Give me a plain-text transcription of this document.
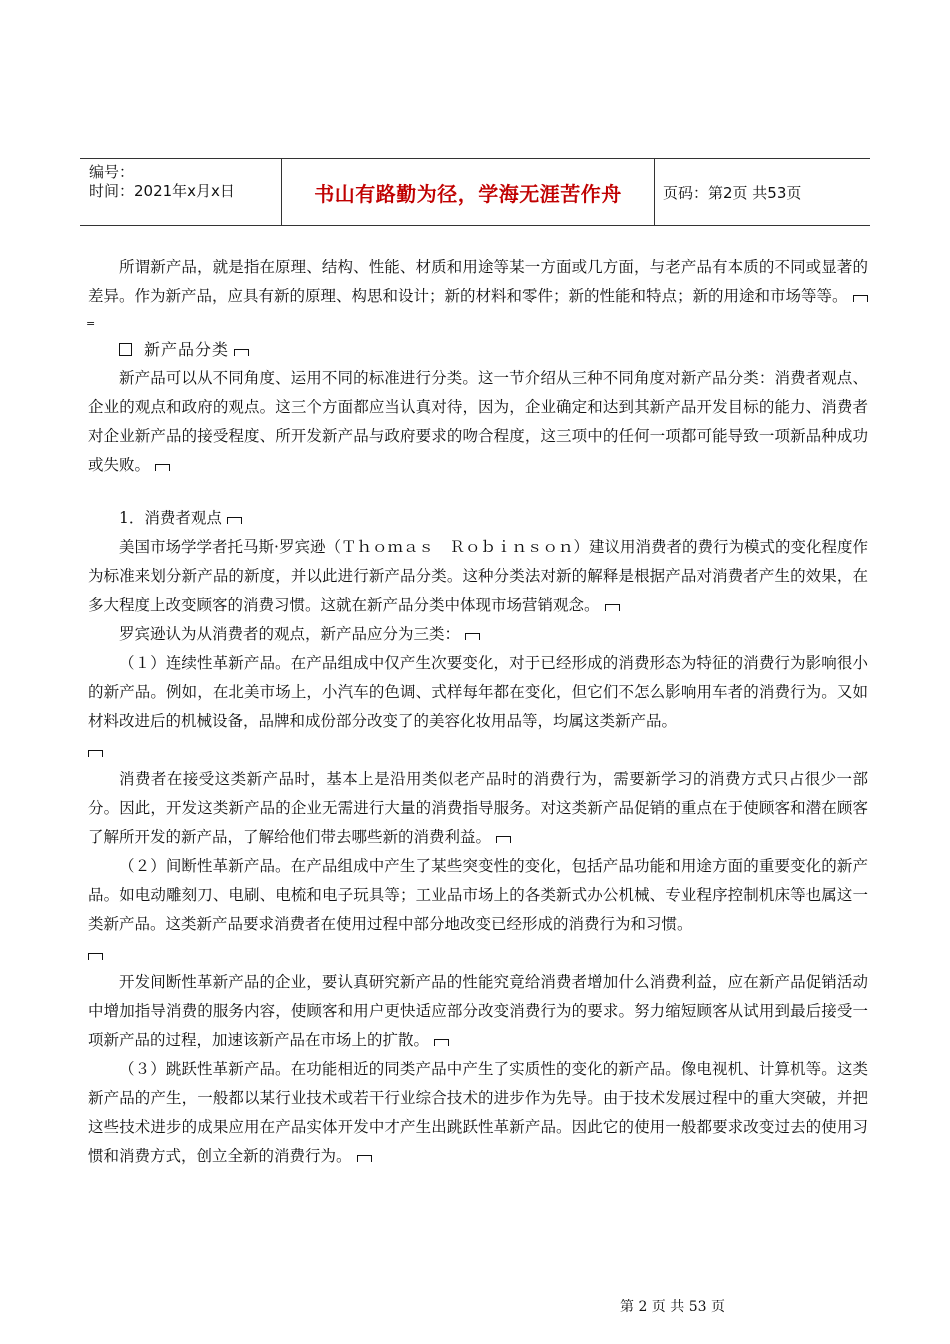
编号：
时间：2021年x月x日	书山有路勤为径，学海无涯苦作舟	页码：第2页 共53页

所谓新产品，就是指在原理、结构、性能、材质和用途等某一方面或几方面，与老产品有本质的不同或显著的差异。作为新产品，应具有新的原理、构思和设计；新的材料和零件；新的性能和特点；新的用途和市场等等。

=

新产品分类

新产品可以从不同角度、运用不同的标准进行分类。这一节介绍从三种不同角度对新产品分类：消费者观点、企业的观点和政府的观点。这三个方面都应当认真对待，因为，企业确定和达到其新产品开发目标的能力、消费者对企业新产品的接受程度、所开发新产品与政府要求的吻合程度，这三项中的任何一项都可能导致一项新品种成功或失败。

1．消费者观点

美国市场学学者托马斯·罗宾逊（Ｔｈｏｍａｓ　Ｒｏｂｉｎｓｏｎ）建议用消费者的费行为模式的变化程度作为标准来划分新产品的新度，并以此进行新产品分类。这种分类法对新的解释是根据产品对消费者产生的效果，在多大程度上改变顾客的消费习惯。这就在新产品分类中体现市场营销观念。

罗宾逊认为从消费者的观点，新产品应分为三类：

（１）连续性革新产品。在产品组成中仅产生次要变化，对于已经形成的消费形态为特征的消费行为影响很小的新产品。例如，在北美市场上，小汽车的色调、式样每年都在变化，但它们不怎么影响用车者的消费行为。又如材料改进后的机械设备，品牌和成份部分改变了的美容化妆用品等，均属这类新产品。

消费者在接受这类新产品时，基本上是沿用类似老产品时的消费行为，需要新学习的消费方式只占很少一部分。因此，开发这类新产品的企业无需进行大量的消费指导服务。对这类新产品促销的重点在于使顾客和潜在顾客了解所开发的新产品，了解给他们带去哪些新的消费利益。

（２）间断性革新产品。在产品组成中产生了某些突变性的变化，包括产品功能和用途方面的重要变化的新产品。如电动雕刻刀、电刷、电梳和电子玩具等；工业品市场上的各类新式办公机械、专业程序控制机床等也属这一类新产品。这类新产品要求消费者在使用过程中部分地改变已经形成的消费行为和习惯。

开发间断性革新产品的企业，要认真研究新产品的性能究竟给消费者增加什么消费利益，应在新产品促销活动中增加指导消费的服务内容，使顾客和用户更快适应部分改变消费行为的要求。努力缩短顾客从试用到最后接受一项新产品的过程，加速该新产品在市场上的扩散。

（３）跳跃性革新产品。在功能相近的同类产品中产生了实质性的变化的新产品。像电视机、计算机等。这类新产品的产生，一般都以某行业技术或若干行业综合技术的进步作为先导。由于技术发展过程中的重大突破，并把这些技术进步的成果应用在产品实体开发中才产生出跳跃性革新产品。因此它的使用一般都要求改变过去的使用习惯和消费方式，创立全新的消费行为。

第 2 页 共 53 页
